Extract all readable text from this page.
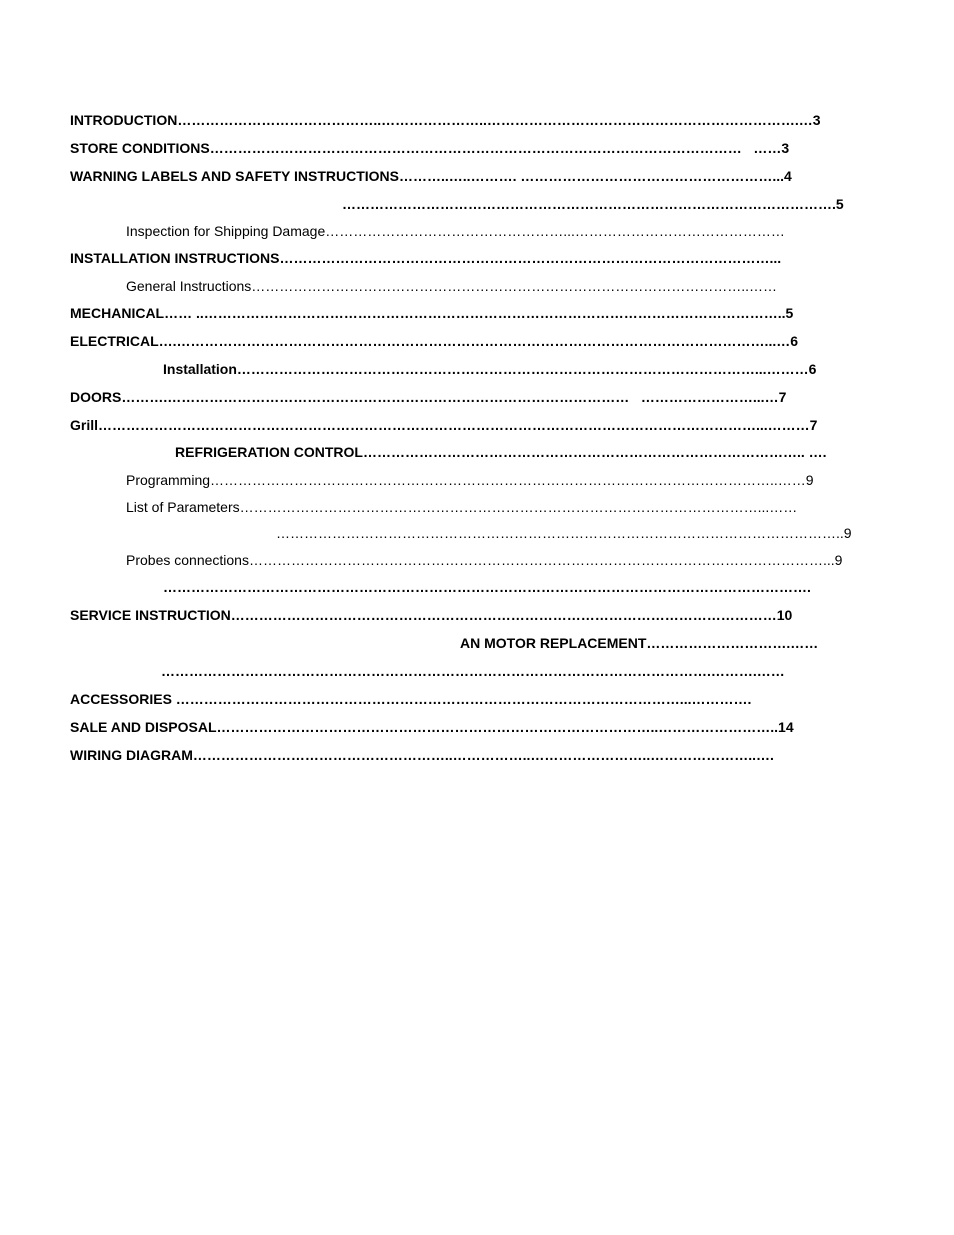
INTRODUCTION……………………………………..…………………..………………………………………………………….…3
STORE CONDITIONS……………………………………………………………………………………………………   ……3
WARNING LABELS AND SAFETY INSTRUCTIONS………..…..………. ………………………………………………...4
…………………………………………………………………………………………….5
Inspection for Shipping Damage……………………………………………...………………………………………
INSTALLATION INSTRUCTIONS……………………………………………………………………………………………...
General Instructions……………………………………………………………………………………………..……
MECHANICAL…… ..……………………………………………………………………………………………………………..5
ELECTRICAL….………………………………………………………………………………………………………………...…6
Installation…………………………………………………………………………………………………...………6
DOORS……….………………………………………………………………………………………   ……………………...…7
Grill……………………………………………………………………………………………………………………………...………7
REFRIGERATION CONTROL………………………………………………………………………………….. ….
Programming…………………………………………………………………………………………………………..……9
List of Parameters…………………………………………………………………………………………………...……
…………………………………………………………………………………………………………..9
Probes connections……………………………………………………………………………………………………………...9
………………………………………………………………………………………………………………………….
SERVICE INSTRUCTION………………………………………………………………………………………………………10
AN MOTOR REPLACEMENT………………………….……
……………………………………………………………………………………………………….……….……
ACCESSORIES ………………………………………………………………………………………………...………….
SALE AND DISPOSAL…………………………………………………………………………………..……………………..14
WIRING DIAGRAM………………………………………………..……………..……………………..…………………..….
